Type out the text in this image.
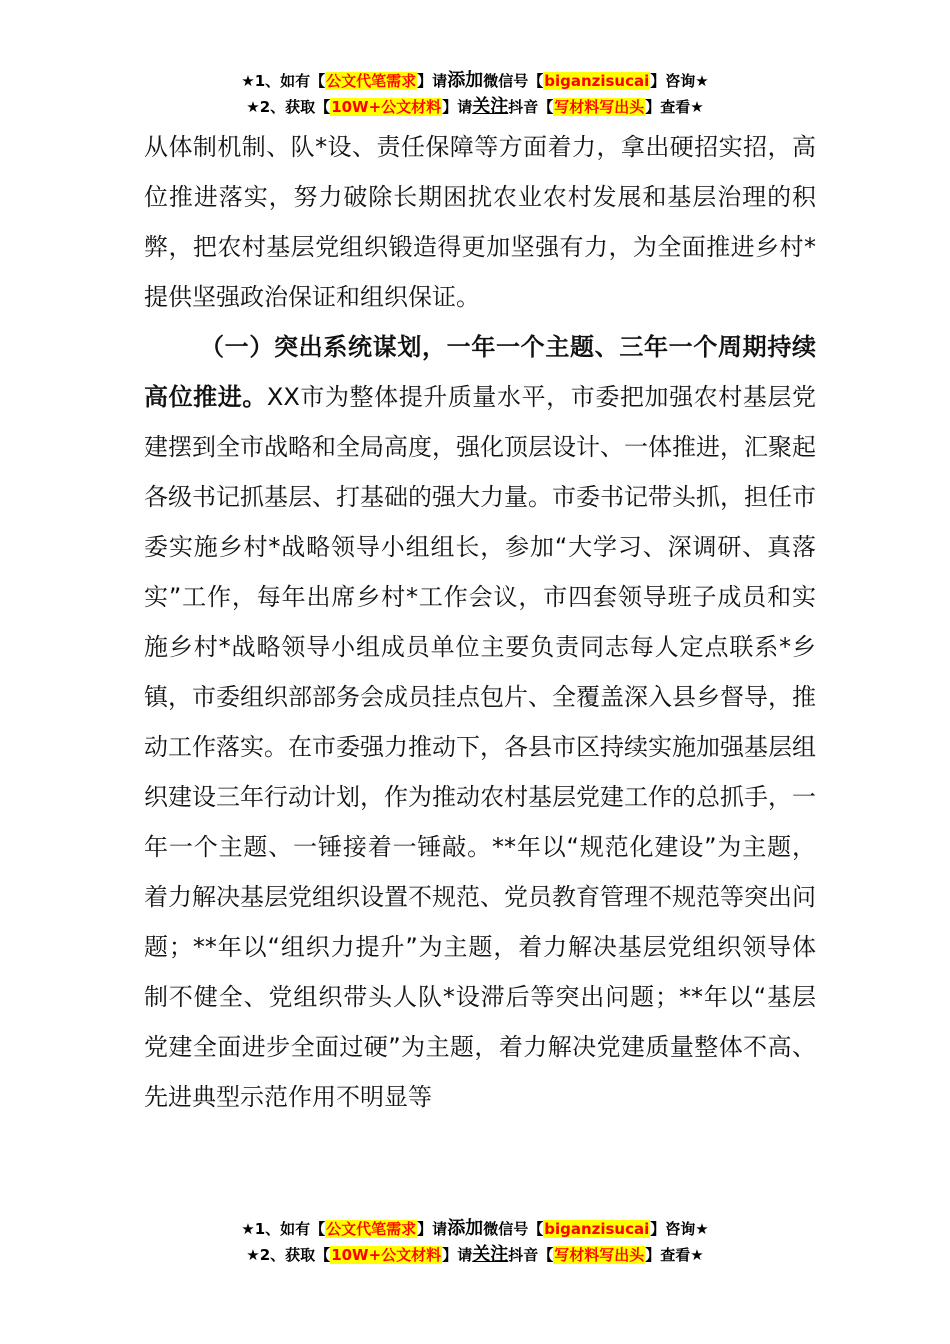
★1、如有【公文代笔需求】请添加微信号【biganzisucai】咨询★
★2、获取【10W+公文材料】请关注抖音【写材料写出头】查看★

从体制机制、队*设、责任保障等方面着力，拿出硬招实招，高位推进落实，努力破除长期困扰农业农村发展和基层治理的积弊，把农村基层党组织锻造得更加坚强有力，为全面推进乡村*提供坚强政治保证和组织保证。

（一）突出系统谋划，一年一个主题、三年一个周期持续高位推进。XX市为整体提升质量水平，市委把加强农村基层党建摆到全市战略和全局高度，强化顶层设计、一体推进，汇聚起各级书记抓基层、打基础的强大力量。市委书记带头抓，担任市委实施乡村*战略领导小组组长，参加“大学习、深调研、真落实”工作，每年出席乡村*工作会议，市四套领导班子成员和实施乡村*战略领导小组成员单位主要负责同志每人定点联系*乡镇，市委组织部部务会成员挂点包片、全覆盖深入县乡督导，推动工作落实。在市委强力推动下，各县市区持续实施加强基层组织建设三年行动计划，作为推动农村基层党建工作的总抓手，一年一个主题、一锤接着一锤敲。**年以“规范化建设”为主题，着力解决基层党组织设置不规范、党员教育管理不规范等突出问题；**年以“组织力提升”为主题，着力解决基层党组织领导体制不健全、党组织带头人队*设滞后等突出问题；**年以“基层党建全面进步全面过硬”为主题，着力解决党建质量整体不高、先进典型示范作用不明显等

★1、如有【公文代笔需求】请添加微信号【biganzisucai】咨询★
★2、获取【10W+公文材料】请关注抖音【写材料写出头】查看★
